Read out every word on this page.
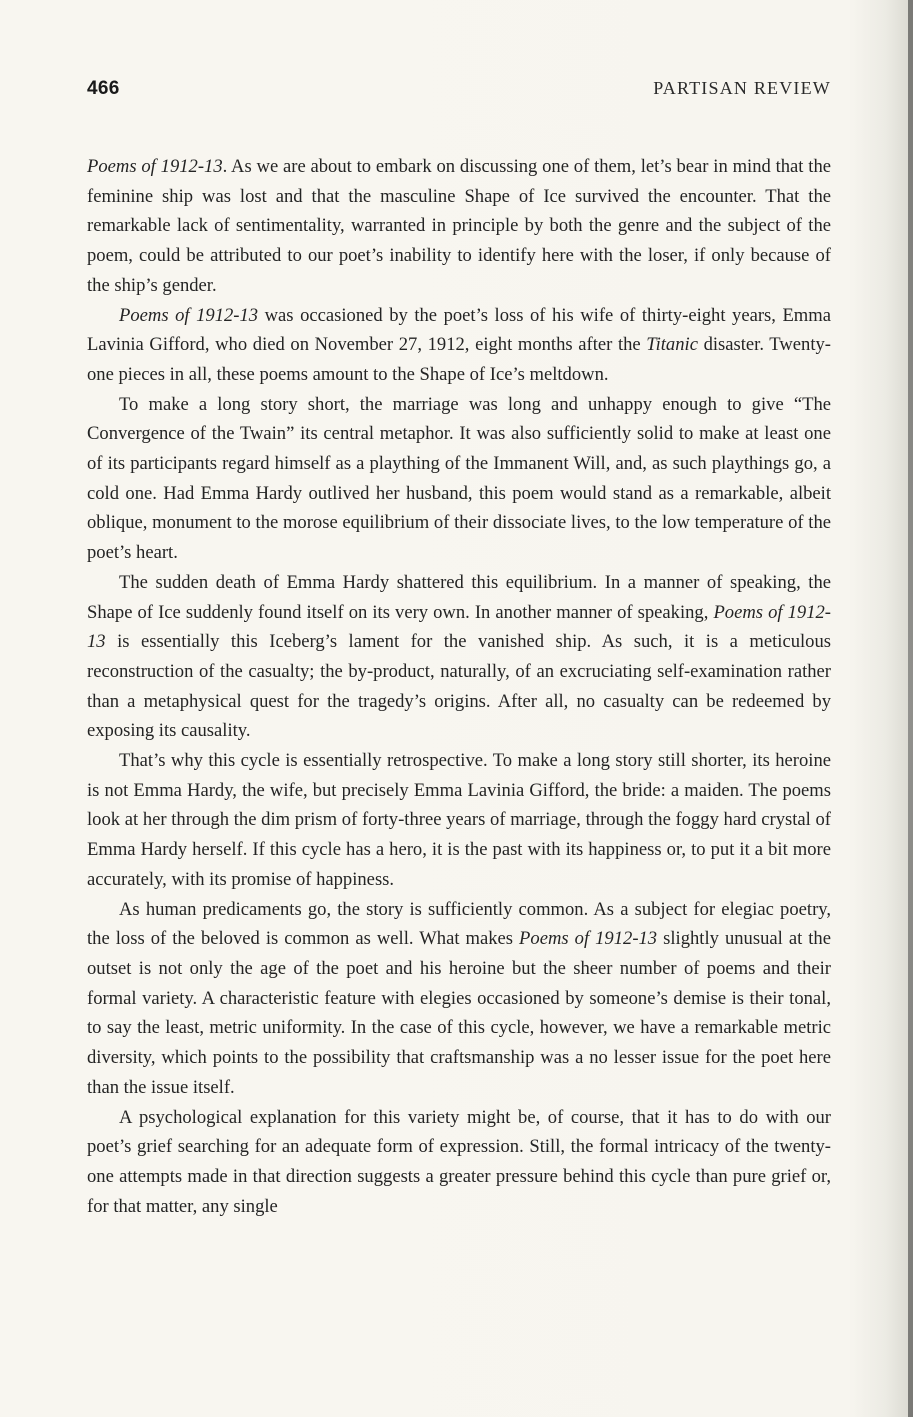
466	PARTISAN REVIEW

Poems of 1912-13. As we are about to embark on discussing one of them, let’s bear in mind that the feminine ship was lost and that the masculine Shape of Ice survived the encounter. That the remarkable lack of sentimentality, warranted in principle by both the genre and the subject of the poem, could be attributed to our poet’s inability to identify here with the loser, if only because of the ship’s gender.

Poems of 1912-13 was occasioned by the poet’s loss of his wife of thirty-eight years, Emma Lavinia Gifford, who died on November 27, 1912, eight months after the Titanic disaster. Twenty-one pieces in all, these poems amount to the Shape of Ice’s meltdown.

To make a long story short, the marriage was long and unhappy enough to give “The Convergence of the Twain” its central metaphor. It was also sufficiently solid to make at least one of its participants regard himself as a plaything of the Immanent Will, and, as such playthings go, a cold one. Had Emma Hardy outlived her husband, this poem would stand as a remarkable, albeit oblique, monument to the morose equilibrium of their dissociate lives, to the low temperature of the poet’s heart.

The sudden death of Emma Hardy shattered this equilibrium. In a manner of speaking, the Shape of Ice suddenly found itself on its very own. In another manner of speaking, Poems of 1912-13 is essentially this Iceberg’s lament for the vanished ship. As such, it is a meticulous reconstruction of the casualty; the by-product, naturally, of an excruciating self-examination rather than a metaphysical quest for the tragedy’s origins. After all, no casualty can be redeemed by exposing its causality.

That’s why this cycle is essentially retrospective. To make a long story still shorter, its heroine is not Emma Hardy, the wife, but precisely Emma Lavinia Gifford, the bride: a maiden. The poems look at her through the dim prism of forty-three years of marriage, through the foggy hard crystal of Emma Hardy herself. If this cycle has a hero, it is the past with its happiness or, to put it a bit more accurately, with its promise of happiness.

As human predicaments go, the story is sufficiently common. As a subject for elegiac poetry, the loss of the beloved is common as well. What makes Poems of 1912-13 slightly unusual at the outset is not only the age of the poet and his heroine but the sheer number of poems and their formal variety. A characteristic feature with elegies occasioned by someone’s demise is their tonal, to say the least, metric uniformity. In the case of this cycle, however, we have a remarkable metric diversity, which points to the possibility that craftsmanship was a no lesser issue for the poet here than the issue itself.

A psychological explanation for this variety might be, of course, that it has to do with our poet’s grief searching for an adequate form of expression. Still, the formal intricacy of the twenty-one attempts made in that direction suggests a greater pressure behind this cycle than pure grief or, for that matter, any single
